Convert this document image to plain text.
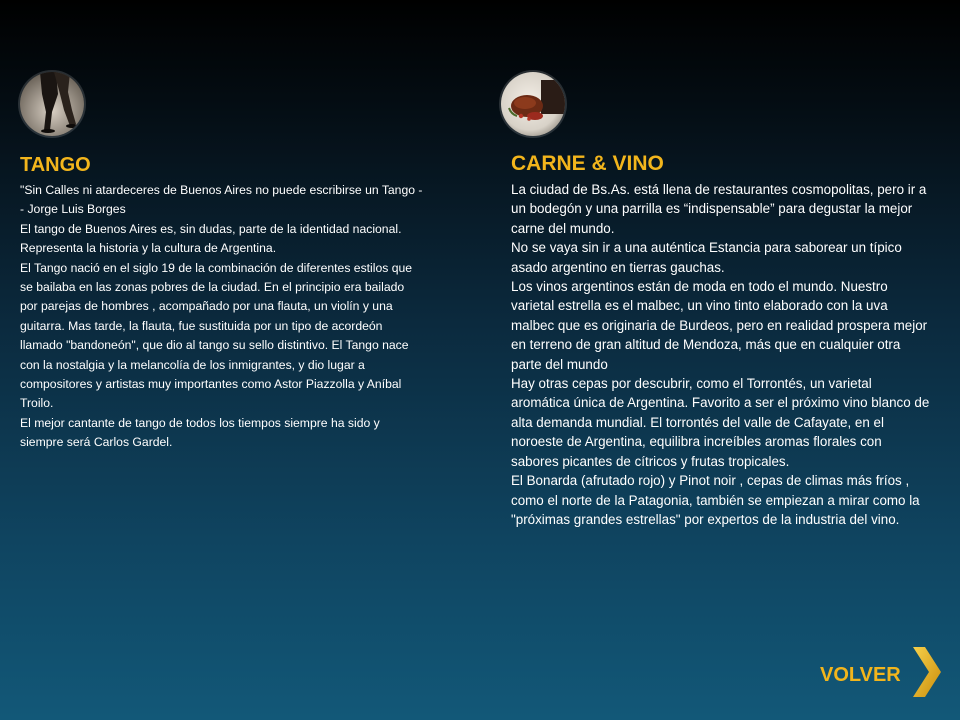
TANGO

"Sin Calles ni atardeceres de Buenos Aires no puede escribirse un Tango -- Jorge Luis Borges

El tango de Buenos Aires es, sin dudas, parte de la identidad nacional. Representa la historia y la cultura de Argentina.

El Tango nació en el siglo 19 de la combinación de diferentes estilos que se bailaba en las zonas pobres de la ciudad. En el principio era bailado por parejas de hombres , acompañado por una flauta, un violín y una guitarra. Mas tarde, la flauta, fue sustituida por un tipo de acordeón llamado "bandoneón", que dio al tango su sello distintivo. El Tango nace con la nostalgia y la melancolía de los inmigrantes, y dio lugar a compositores y artistas muy importantes como Astor Piazzolla y Aníbal Troilo.

El mejor cantante de tango de todos los tiempos siempre ha sido y siempre será Carlos Gardel.

CARNE & VINO

La ciudad de Bs.As. está llena de restaurantes cosmopolitas, pero ir a un bodegón y una parrilla es “indispensable” para degustar la mejor carne del mundo.

No se vaya sin ir a una auténtica Estancia para saborear un típico asado argentino en tierras gauchas.

Los vinos argentinos están de moda en todo el mundo. Nuestro varietal estrella es el malbec, un vino tinto elaborado con la uva malbec que es originaria de Burdeos, pero en realidad prospera mejor en terreno de gran altitud de Mendoza, más que en cualquier otra parte del mundo

Hay otras cepas por descubrir, como el Torrontés, un varietal aromática única de Argentina. Favorito a ser el próximo vino blanco de alta demanda mundial. El torrontés del valle de Cafayate, en el noroeste de Argentina, equilibra increíbles aromas florales con sabores picantes de cítricos y frutas tropicales.

El Bonarda (afrutado rojo) y Pinot noir , cepas de climas más fríos , como el norte de la Patagonia, también se empiezan a mirar como la "próximas grandes estrellas" por expertos de la industria del vino.

VOLVER
